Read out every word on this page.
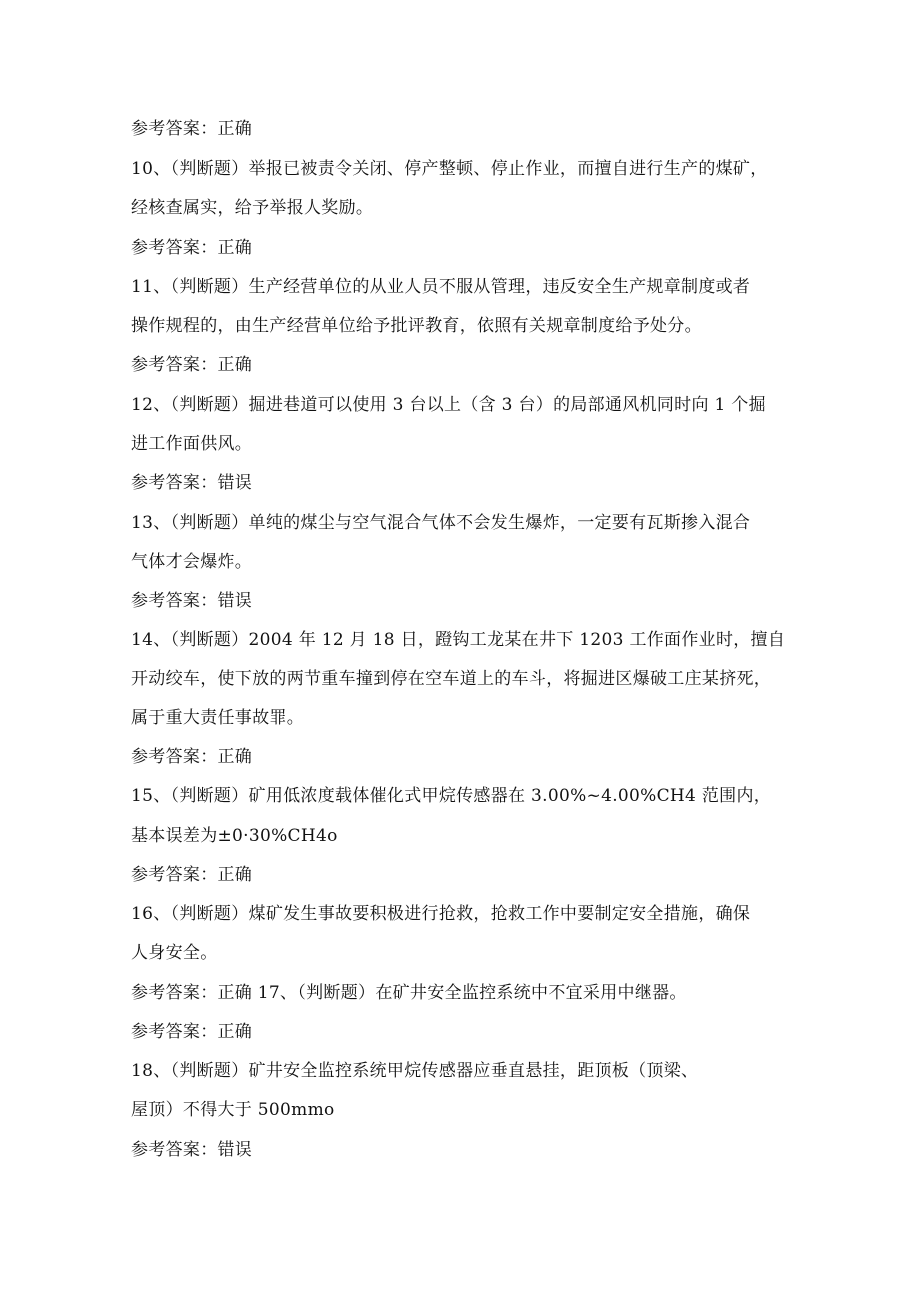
参考答案：正确
10、（判断题）举报已被责令关闭、停产整顿、停止作业，而擅自进行生产的煤矿，
经核查属实，给予举报人奖励。
参考答案：正确
11、（判断题）生产经营单位的从业人员不服从管理，违反安全生产规章制度或者
操作规程的，由生产经营单位给予批评教育，依照有关规章制度给予处分。
参考答案：正确
12、（判断题）掘进巷道可以使用 3 台以上（含 3 台）的局部通风机同时向 1 个掘
进工作面供风。
参考答案：错误
13、（判断题）单纯的煤尘与空气混合气体不会发生爆炸，一定要有瓦斯掺入混合
气体才会爆炸。
参考答案：错误
14、（判断题）2004 年 12 月 18 日，蹬钩工龙某在井下 1203 工作面作业时，擅自
开动绞车，使下放的两节重车撞到停在空车道上的车斗，将掘进区爆破工庄某挤死，
属于重大责任事故罪。
参考答案：正确
15、（判断题）矿用低浓度载体催化式甲烷传感器在 3.00%~4.00%CH4 范围内，
基本误差为±0·30%CH4o
参考答案：正确
16、（判断题）煤矿发生事故要积极进行抢救，抢救工作中要制定安全措施，确保
人身安全。
参考答案：正确 17、（判断题）在矿井安全监控系统中不宜采用中继器。
参考答案：正确
18、（判断题）矿井安全监控系统甲烷传感器应垂直悬挂，距顶板（顶梁、
屋顶）不得大于 500mmo
参考答案：错误
